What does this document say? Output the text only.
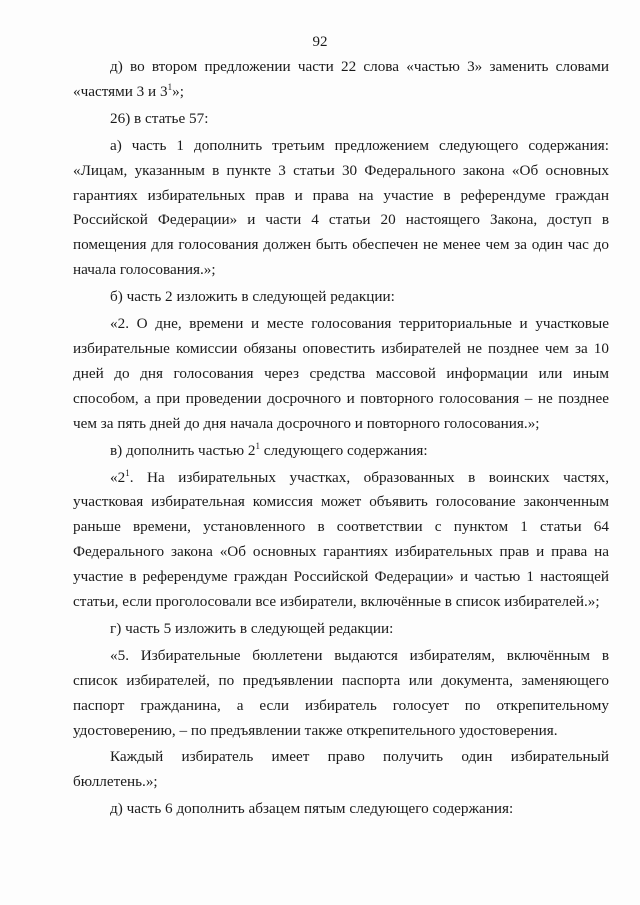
92

д) во втором предложении части 22 слова «частью 3» заменить словами «частями 3 и $3^1$»;

26) в статье 57:

а) часть 1 дополнить третьим предложением следующего содержания: «Лицам, указанным в пункте 3 статьи 30 Федерального закона «Об основных гарантиях избирательных прав и права на участие в референдуме граждан Российской Федерации» и части 4 статьи 20 настоящего Закона, доступ в помещения для голосования должен быть обеспечен не менее чем за один час до начала голосования.»;

б) часть 2 изложить в следующей редакции:

«2. О дне, времени и месте голосования территориальные и участковые избирательные комиссии обязаны оповестить избирателей не позднее чем за 10 дней до дня голосования через средства массовой информации или иным способом, а при проведении досрочного и повторного голосования – не позднее чем за пять дней до дня начала досрочного и повторного голосования.»;

в) дополнить частью $2^1$ следующего содержания:

«$2^1$. На избирательных участках, образованных в воинских частях, участковая избирательная комиссия может объявить голосование законченным раньше времени, установленного в соответствии с пунктом 1 статьи 64 Федерального закона «Об основных гарантиях избирательных прав и права на участие в референдуме граждан Российской Федерации» и частью 1 настоящей статьи, если проголосовали все избиратели, включённые в список избирателей.»;

г) часть 5 изложить в следующей редакции:

«5. Избирательные бюллетени выдаются избирателям, включённым в список избирателей, по предъявлении паспорта или документа, заменяющего паспорт гражданина, а если избиратель голосует по открепительному удостоверению, – по предъявлении также открепительного удостоверения.

Каждый избиратель имеет право получить один избирательный бюллетень.»;

д) часть 6 дополнить абзацем пятым следующего содержания:
